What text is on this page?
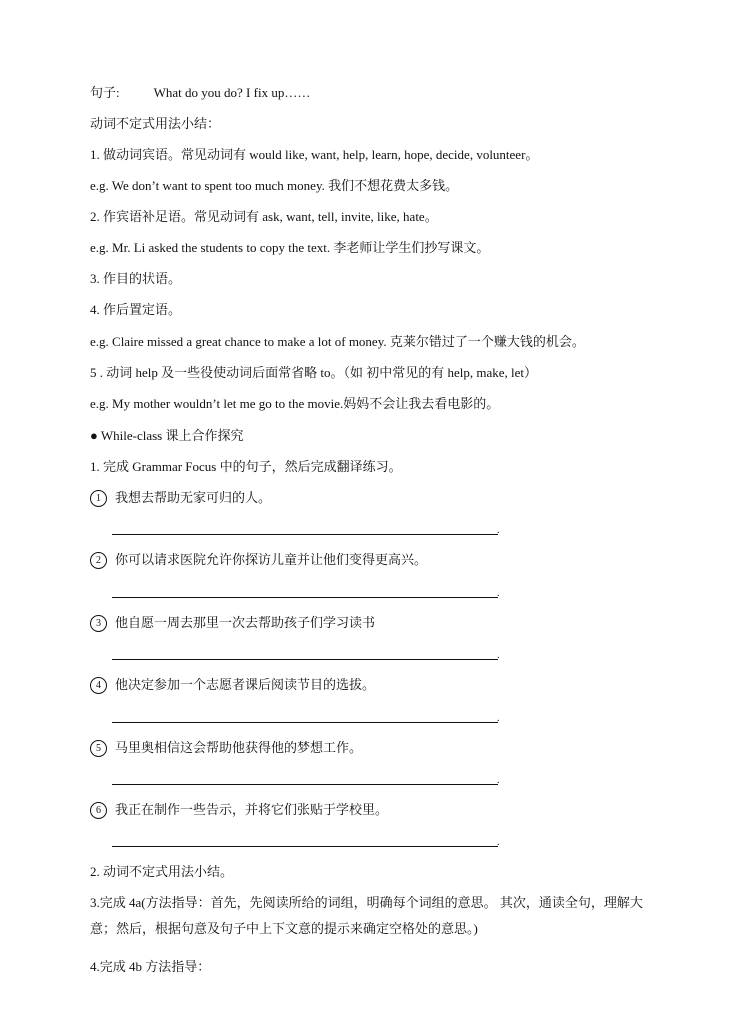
句子:	What do you do? I fix up……
动词不定式用法小结：
1. 做动词宾语。常见动词有 would like, want, help, learn, hope, decide, volunteer。
e.g. We don’t want to spent too much money. 我们不想花费太多钱。
2. 作宾语补足语。常见动词有 ask, want, tell, invite, like, hate。
e.g. Mr. Li asked the students to copy the text. 李老师让学生们抄写课文。
3. 作目的状语。
4. 作后置定语。
e.g. Claire missed a great chance to make a lot of money. 克莱尔错过了一个赚大钱的机会。
5 . 动词 help 及一些役使动词后面常省略 to。（如 初中常见的有 help, make, let）
e.g. My mother wouldn’t let me go to the movie.妈妈不会让我去看电影的。
● While-class 课上合作探究
1. 完成 Grammar Focus 中的句子，然后完成翻译练习。
1 我想去帮助无家可归的人。
.
2 你可以请求医院允许你探访儿童并让他们变得更高兴。
.
3 他自愿一周去那里一次去帮助孩子们学习读书
.
4 他决定参加一个志愿者课后阅读节目的选拔。
.
5 马里奥相信这会帮助他获得他的梦想工作。
.
6 我正在制作一些告示，并将它们张贴于学校里。
.
2. 动词不定式用法小结。
3.完成 4a(方法指导：首先，先阅读所给的词组，明确每个词组的意思。 其次，通读全句，理解大意；然后，根据句意及句子中上下文意的提示来确定空格处的意思。)
4.完成 4b 方法指导：
